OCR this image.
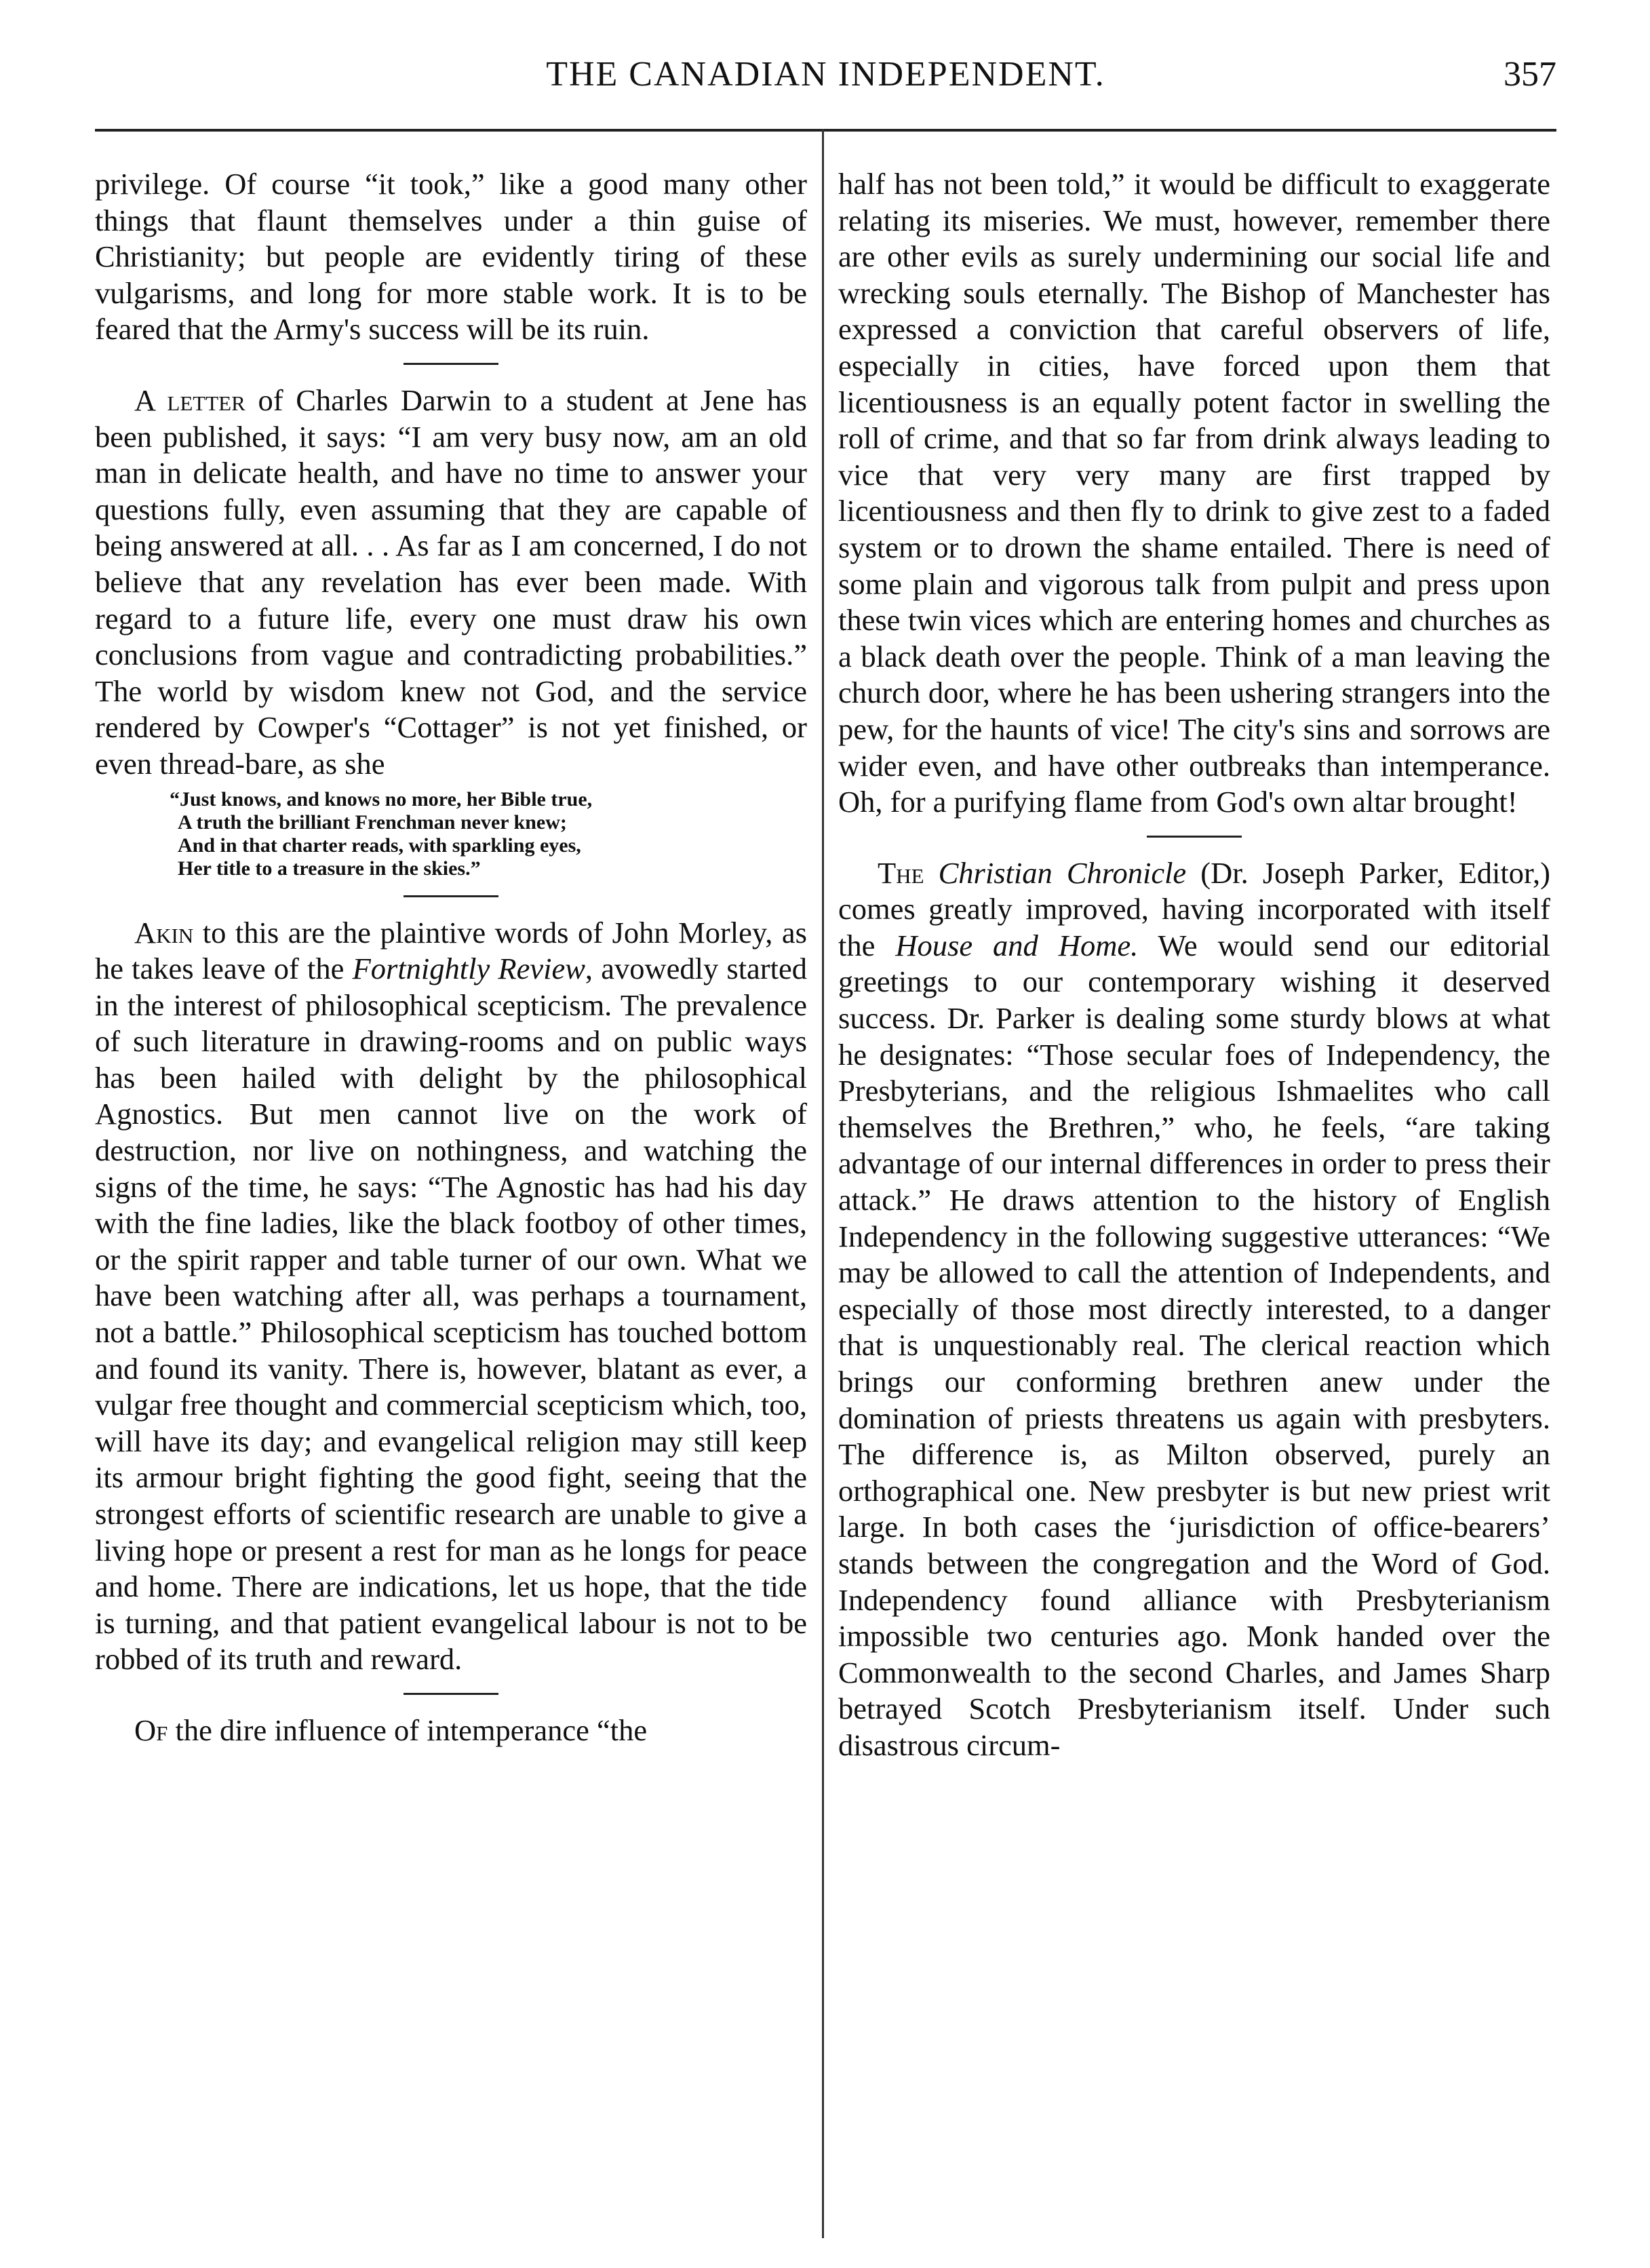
THE CANADIAN INDEPENDENT.	357

privilege. Of course “it took,” like a good many other things that flaunt themselves under a thin guise of Christianity; but people are evidently tiring of these vulgarisms, and long for more stable work. It is to be feared that the Army's success will be its ruin.

A letter of Charles Darwin to a student at Jene has been published, it says: “I am very busy now, am an old man in delicate health, and have no time to answer your questions fully, even assuming that they are capable of being answered at all. . . As far as I am concerned, I do not believe that any revelation has ever been made. With regard to a future life, every one must draw his own conclusions from vague and contradicting probabilities.” The world by wisdom knew not God, and the service rendered by Cowper's “Cottager” is not yet finished, or even thread-bare, as she

“Just knows, and knows no more, her Bible true,
A truth the brilliant Frenchman never knew;
And in that charter reads, with sparkling eyes,
Her title to a treasure in the skies.”

Akin to this are the plaintive words of John Morley, as he takes leave of the Fortnightly Review, avowedly started in the interest of philosophical scepticism. The prevalence of such literature in drawing-rooms and on public ways has been hailed with delight by the philosophical Agnostics. But men cannot live on the work of destruction, nor live on nothingness, and watching the signs of the time, he says: “The Agnostic has had his day with the fine ladies, like the black footboy of other times, or the spirit rapper and table turner of our own. What we have been watching after all, was perhaps a tournament, not a battle.” Philosophical scepticism has touched bottom and found its vanity. There is, however, blatant as ever, a vulgar free thought and commercial scepticism which, too, will have its day; and evangelical religion may still keep its armour bright fighting the good fight, seeing that the strongest efforts of scientific research are unable to give a living hope or present a rest for man as he longs for peace and home. There are indications, let us hope, that the tide is turning, and that patient evangelical labour is not to be robbed of its truth and reward.

Of the dire influence of intemperance “the

half has not been told,” it would be difficult to exaggerate relating its miseries. We must, however, remember there are other evils as surely undermining our social life and wrecking souls eternally. The Bishop of Manchester has expressed a conviction that careful observers of life, especially in cities, have forced upon them that licentiousness is an equally potent factor in swelling the roll of crime, and that so far from drink always leading to vice that very very many are first trapped by licentiousness and then fly to drink to give zest to a faded system or to drown the shame entailed. There is need of some plain and vigorous talk from pulpit and press upon these twin vices which are entering homes and churches as a black death over the people. Think of a man leaving the church door, where he has been ushering strangers into the pew, for the haunts of vice! The city's sins and sorrows are wider even, and have other outbreaks than intemperance. Oh, for a purifying flame from God's own altar brought!

The Christian Chronicle (Dr. Joseph Parker, Editor,) comes greatly improved, having incorporated with itself the House and Home. We would send our editorial greetings to our contemporary wishing it deserved success. Dr. Parker is dealing some sturdy blows at what he designates: “Those secular foes of Independency, the Presbyterians, and the religious Ishmaelites who call themselves the Brethren,” who, he feels, “are taking advantage of our internal differences in order to press their attack.” He draws attention to the history of English Independency in the following suggestive utterances: “We may be allowed to call the attention of Independents, and especially of those most directly interested, to a danger that is unquestionably real. The clerical reaction which brings our conforming brethren anew under the domination of priests threatens us again with presbyters. The difference is, as Milton observed, purely an orthographical one. New presbyter is but new priest writ large. In both cases the ‘jurisdiction of office-bearers’ stands between the congregation and the Word of God. Independency found alliance with Presbyterianism impossible two centuries ago. Monk handed over the Commonwealth to the second Charles, and James Sharp betrayed Scotch Presbyterianism itself. Under such disastrous circum-
